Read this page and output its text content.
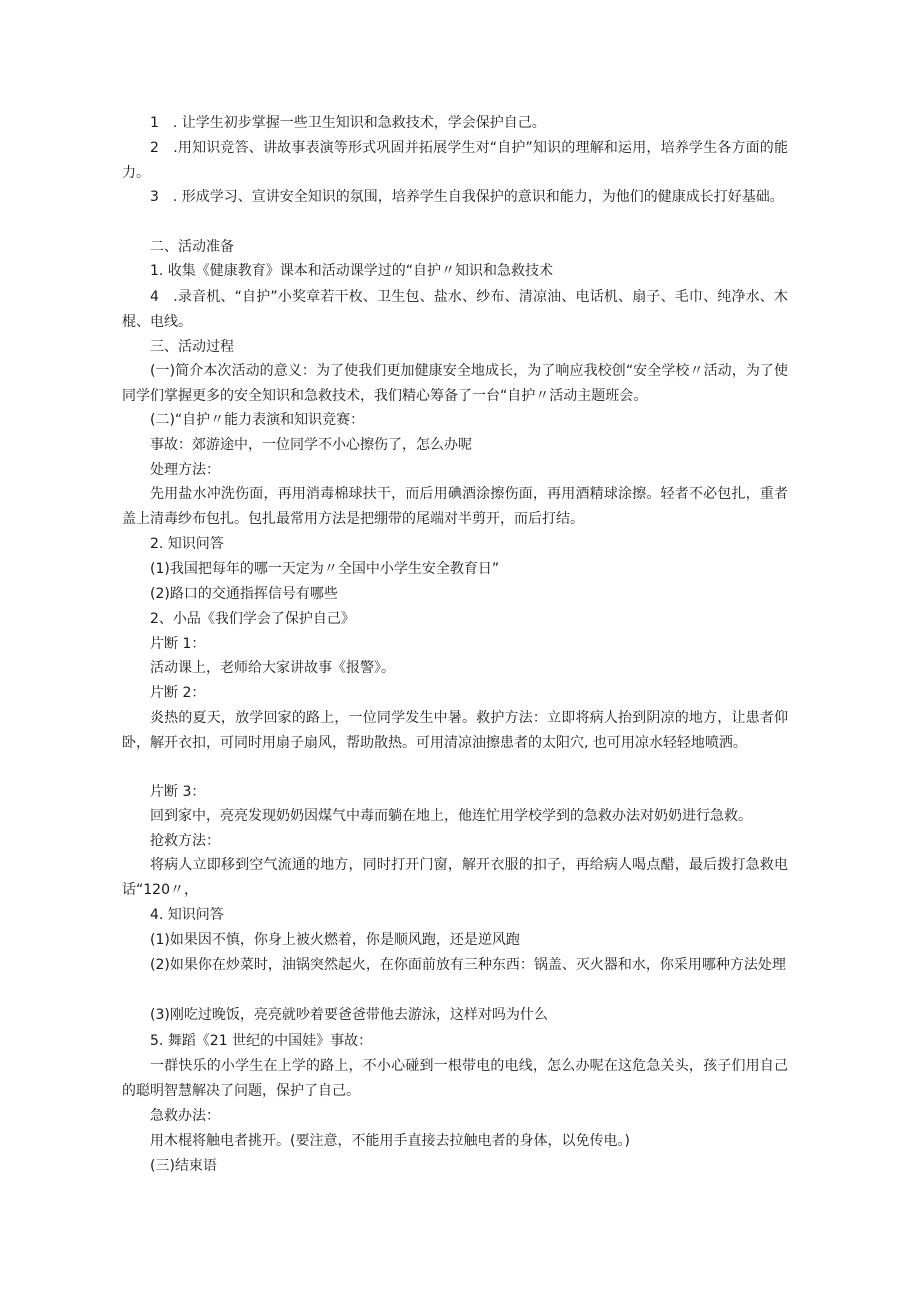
1　. 让学生初步掌握一些卫生知识和急救技术，学会保护自己。

2　.用知识竞答、讲故事表演等形式巩固并拓展学生对“自护”知识的理解和运用，培养学生各方面的能力。

3　. 形成学习、宣讲安全知识的氛围，培养学生自我保护的意识和能力，为他们的健康成长打好基础。

二、活动准备

1. 收集《健康教育》课本和活动课学过的“自护〃知识和急救技术

4　.录音机、“自护”小奖章若干枚、卫生包、盐水、纱布、清凉油、电话机、扇子、毛巾、纯净水、木棍、电线。

三、活动过程

(一)简介本次活动的意义：为了使我们更加健康安全地成长，为了响应我校创“安全学校〃活动，为了使同学们掌握更多的安全知识和急救技术，我们精心筹备了一台“自护〃活动主题班会。

(二)“自护〃能力表演和知识竞赛：

事故：郊游途中，一位同学不小心擦伤了，怎么办呢

处理方法：

先用盐水冲洗伤面，再用消毒棉球扶干，而后用碘酒涂擦伤面，再用酒精球涂擦。轻者不必包扎，重者盖上清毒纱布包扎。包扎最常用方法是把绷带的尾端对半剪开，而后打结。

2. 知识问答

(1)我国把每年的哪一天定为〃全国中小学生安全教育日”

(2)路口的交通指挥信号有哪些

2、小品《我们学会了保护自己》

片断 1：

活动课上，老师给大家讲故事《报警》。

片断 2：

炎热的夏天，放学回家的路上，一位同学发生中暑。救护方法：立即将病人抬到阴凉的地方，让患者仰卧，解开衣扣，可同时用扇子扇风，帮助散热。可用清凉油擦患者的太阳穴, 也可用凉水轻轻地喷洒。

片断 3：

回到家中，亮亮发现奶奶因煤气中毒而躺在地上，他连忙用学校学到的急救办法对奶奶进行急救。

抢救方法：

将病人立即移到空气流通的地方，同时打开门窗，解开衣服的扣子，再给病人喝点醋，最后拨打急救电话“120〃，

4. 知识问答

(1)如果因不慎，你身上被火燃着，你是顺风跑，还是逆风跑

(2)如果你在炒菜时，油锅突然起火，在你面前放有三种东西：锅盖、灭火器和水，你采用哪种方法处理

(3)刚吃过晚饭，亮亮就吵着要爸爸带他去游泳，这样对吗为什么

5. 舞蹈《21 世纪的中国娃》事故：

一群快乐的小学生在上学的路上，不小心碰到一根带电的电线，怎么办呢在这危急关头，孩子们用自己的聪明智慧解决了问题，保护了自己。

急救办法：

用木棍将触电者挑开。(要注意，不能用手直接去拉触电者的身体，以免传电。)

(三)结束语
